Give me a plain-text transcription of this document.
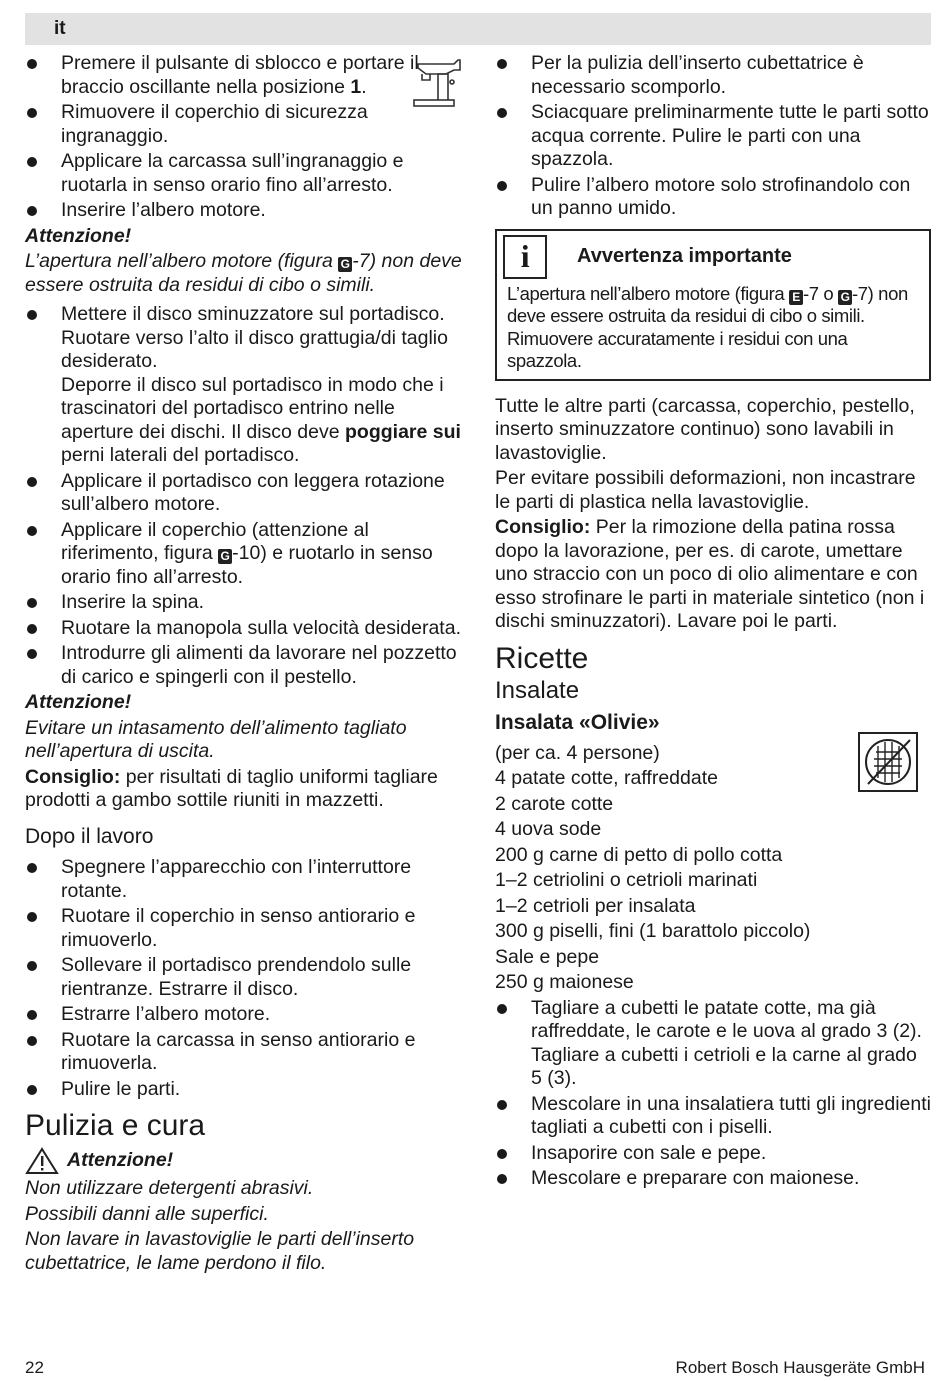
it
Premere il pulsante di sblocco e portare il braccio oscillante nella posizione 1.
Rimuovere il coperchio di sicurezza ingranaggio.
Applicare la carcassa sull’ingranaggio e ruotarla in senso orario fino all’arresto.
Inserire l’albero motore.
Attenzione!
L’apertura nell’albero motore (figura G -7) non deve essere ostruita da residui di cibo o simili.
Mettere il disco sminuzzatore sul portadisco. Ruotare verso l’alto il disco grattugia/di taglio desiderato.
Deporre il disco sul portadisco in modo che i trascinatori del portadisco entrino nelle aperture dei dischi. Il disco deve poggiare sui perni laterali del portadisco.
Applicare il portadisco con leggera rotazione sull’albero motore.
Applicare il coperchio (attenzione al riferimento, figura G -10) e ruotarlo in senso orario fino all’arresto.
Inserire la spina.
Ruotare la manopola sulla velocità desiderata.
Introdurre gli alimenti da lavorare nel pozzetto di carico e spingerli con il pestello.
Attenzione!
Evitare un intasamento dell’alimento tagliato nell’apertura di uscita.
Consiglio: per risultati di taglio uniformi tagliare prodotti a gambo sottile riuniti in mazzetti.
Dopo il lavoro
Spegnere l’apparecchio con l’interruttore rotante.
Ruotare il coperchio in senso antiorario e rimuoverlo.
Sollevare il portadisco prendendolo sulle rientranze. Estrarre il disco.
Estrarre l’albero motore.
Ruotare la carcassa in senso antiorario e rimuoverla.
Pulire le parti.
Pulizia e cura
Attenzione!
Non utilizzare detergenti abrasivi.
Possibili danni alle superfici.
Non lavare in lavastoviglie le parti dell’inserto cubettatrice, le lame perdono il filo.
Per la pulizia dell’inserto cubettatrice è necessario scomporlo.
Sciacquare preliminarmente tutte le parti sotto acqua corrente. Pulire le parti con una spazzola.
Pulire l’albero motore solo strofinandolo con un panno umido.
i	Avvertenza importante
L’apertura nell’albero motore (figura E -7 o G -7) non deve essere ostruita da residui di cibo o simili. Rimuovere accuratamente i residui con una spazzola.
Tutte le altre parti (carcassa, coperchio, pestello, inserto sminuzzatore continuo) sono lavabili in lavastoviglie.
Per evitare possibili deformazioni, non incastrare le parti di plastica nella lavastoviglie.
Consiglio: Per la rimozione della patina rossa dopo la lavorazione, per es. di carote, umettare uno straccio con un poco di olio alimentare e con esso strofinare le parti in materiale sintetico (non i dischi sminuzzatori). Lavare poi le parti.
Ricette
Insalate
Insalata «Olivie»
(per ca. 4 persone)
4 patate cotte, raffreddate
2 carote cotte
4 uova sode
200 g carne di petto di pollo cotta
1–2 cetriolini o cetrioli marinati
1–2 cetrioli per insalata
300 g piselli, fini (1 barattolo piccolo)
Sale e pepe
250 g maionese
Tagliare a cubetti le patate cotte, ma già raffreddate, le carote e le uova al grado 3 (2). Tagliare a cubetti i cetrioli e la carne al grado 5 (3).
Mescolare in una insalatiera tutti gli ingredienti tagliati a cubetti con i piselli.
Insaporire con sale e pepe.
Mescolare e preparare con maionese.
22	Robert Bosch Hausgeräte GmbH
